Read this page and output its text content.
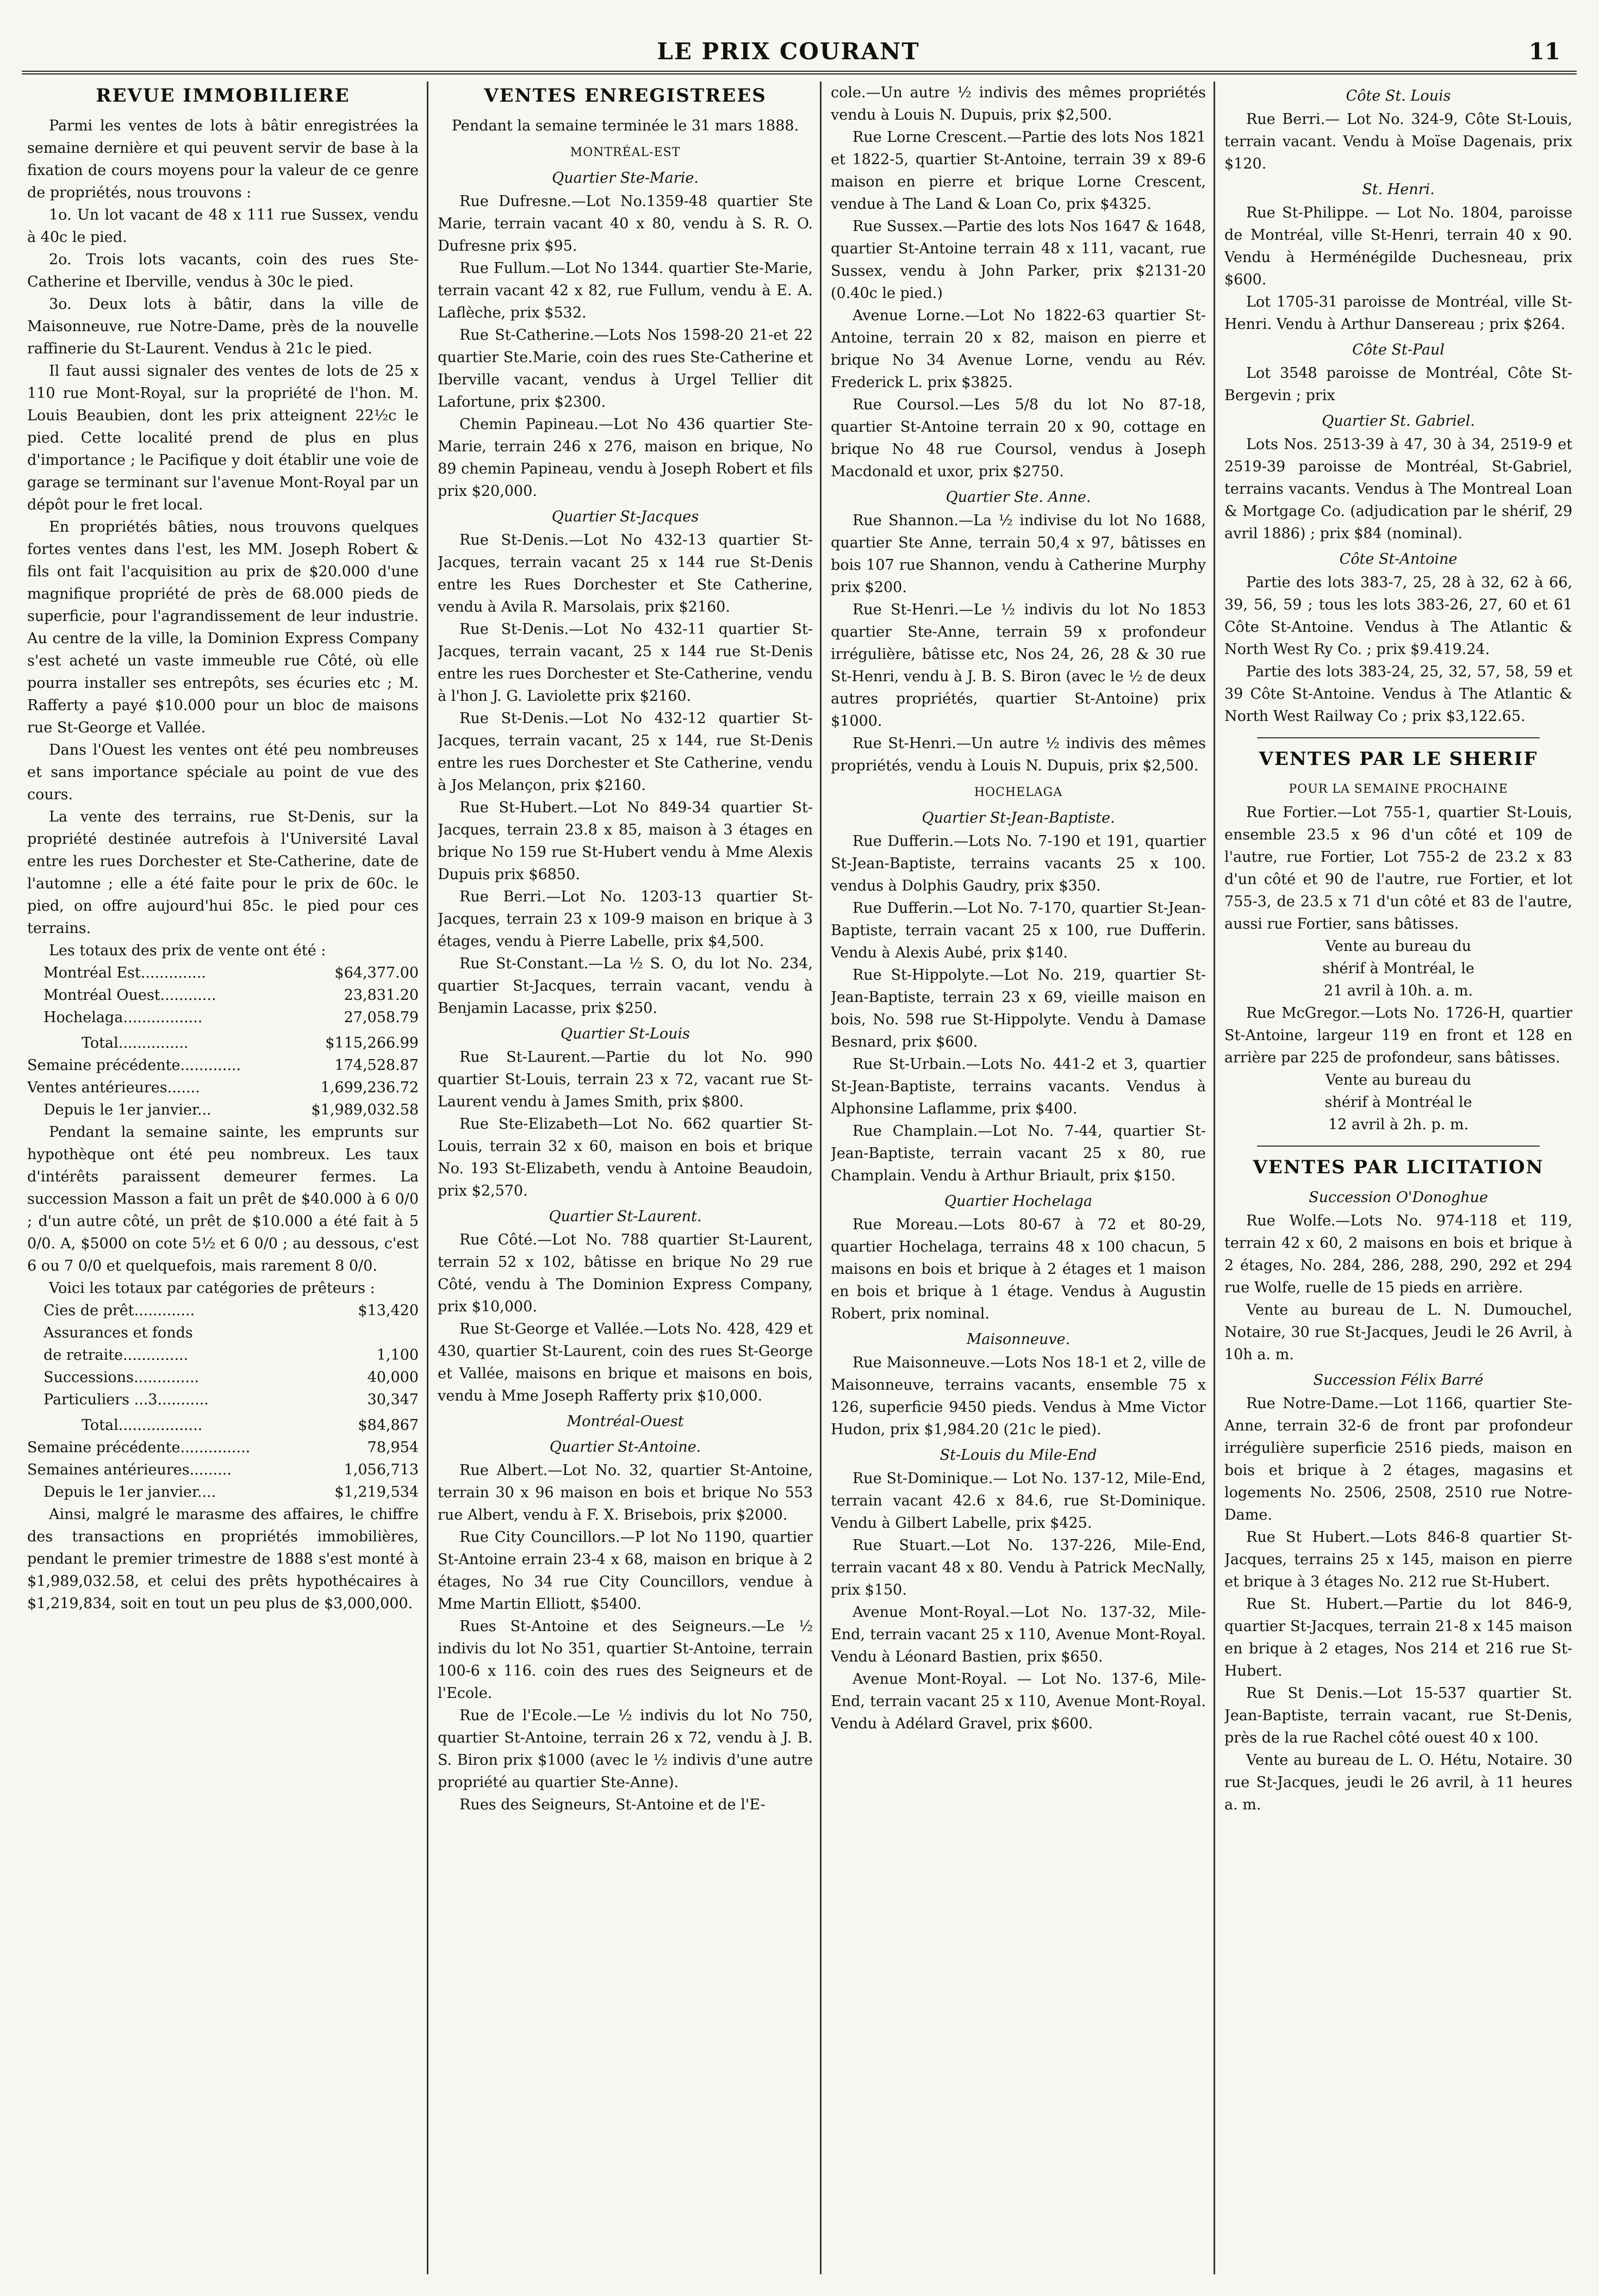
LE PRIX COURANT	11
REVUE IMMOBILIERE

Parmi les ventes de lots à bâtir enregistrées la semaine dernière et qui peuvent servir de base à la fixation de cours moyens pour la valeur de ce genre de propriétés, nous trouvons :

1o. Un lot vacant de 48 x 111 rue Sussex, vendu à 40c le pied.

2o. Trois lots vacants, coin des rues Ste-Catherine et Iberville, vendus à 30c le pied.

3o. Deux lots à bâtir, dans la ville de Maisonneuve, rue Notre-Dame, près de la nouvelle raffinerie du St-Laurent. Vendus à 21c le pied.

Il faut aussi signaler des ventes de lots de 25 x 110 rue Mont-Royal, sur la propriété de l'hon. M. Louis Beaubien, dont les prix atteignent 22½c le pied. Cette localité prend de plus en plus d'importance ; le Pacifique y doit établir une voie de garage se terminant sur l'avenue Mont-Royal par un dépôt pour le fret local.

En propriétés bâties, nous trouvons quelques fortes ventes dans l'est, les MM. Joseph Robert & fils ont fait l'acquisition au prix de $20.000 d'une magnifique propriété de près de 68.000 pieds de superficie, pour l'agrandissement de leur industrie. Au centre de la ville, la Dominion Express Company s'est acheté un vaste immeuble rue Côté, où elle pourra installer ses entrepôts, ses écuries etc ; M. Rafferty a payé $10.000 pour un bloc de maisons rue St-George et Vallée.

Dans l'Ouest les ventes ont été peu nombreuses et sans importance spéciale au point de vue des cours.

La vente des terrains, rue St-Denis, sur la propriété destinée autrefois à l'Université Laval entre les rues Dorchester et Ste-Catherine, date de l'automne ; elle a été faite pour le prix de 60c. le pied, on offre aujourd'hui 85c. le pied pour ces terrains.

Les totaux des prix de vente ont été :

Montréal Est..............	$64,377.00
Montréal Ouest............	23,831.20
Hochelaga.................	27,058.79
Total...............	$115,266.99
Semaine précédente.............	174,528.87
Ventes antérieures.......	1,699,236.72
Depuis le 1er janvier...	$1,989,032.58

Pendant la semaine sainte, les emprunts sur hypothèque ont été peu nombreux. Les taux d'intérêts paraissent demeurer fermes. La succession Masson a fait un prêt de $40.000 à 6 0/0 ; d'un autre côté, un prêt de $10.000 a été fait à 5 0/0. A, $5000 on cote 5½ et 6 0/0 ; au dessous, c'est 6 ou 7 0/0 et quelquefois, mais rarement 8 0/0.

Voici les totaux par catégories de prêteurs :

Cies de prêt.............	$13,420
Assurances et fonds	
de retraite..............	1,100
Successions..............	40,000
Particuliers ...3...........	30,347
Total..................	$84,867
Semaine précédente...............	78,954
Semaines antérieures.........	1,056,713
Depuis le 1er janvier....	$1,219,534

Ainsi, malgré le marasme des affaires, le chiffre des transactions en propriétés immobilières, pendant le premier trimestre de 1888 s'est monté à $1,989,032.58, et celui des prêts hypothécaires à $1,219,834, soit en tout un peu plus de $3,000,000.

VENTES ENREGISTREES

Pendant la semaine terminée le 31 mars 1888.

MONTRÉAL-EST
Quartier Ste-Marie.

Rue Dufresne.—Lot No.1359-48 quartier Ste Marie, terrain vacant 40 x 80, vendu à S. R. O. Dufresne prix $95.

Rue Fullum.—Lot No 1344. quartier Ste-Marie, terrain vacant 42 x 82, rue Fullum, vendu à E. A. Laflèche, prix $532.

Rue St-Catherine.—Lots Nos 1598-20 21-et 22 quartier Ste.Marie, coin des rues Ste-Catherine et Iberville vacant, vendus à Urgel Tellier dit Lafortune, prix $2300.

Chemin Papineau.—Lot No 436 quartier Ste-Marie, terrain 246 x 276, maison en brique, No 89 chemin Papineau, vendu à Joseph Robert et fils prix $20,000.

Quartier St-Jacques

Rue St-Denis.—Lot No 432-13 quartier St-Jacques, terrain vacant 25 x 144 rue St-Denis entre les Rues Dorchester et Ste Catherine, vendu à Avila R. Marsolais, prix $2160.

Rue St-Denis.—Lot No 432-11 quartier St-Jacques, terrain vacant, 25 x 144 rue St-Denis entre les rues Dorchester et Ste-Catherine, vendu à l'hon J. G. Laviolette prix $2160.

Rue St-Denis.—Lot No 432-12 quartier St-Jacques, terrain vacant, 25 x 144, rue St-Denis entre les rues Dorchester et Ste Catherine, vendu à Jos Melançon, prix $2160.

Rue St-Hubert.—Lot No 849-34 quartier St-Jacques, terrain 23.8 x 85, maison à 3 étages en brique No 159 rue St-Hubert vendu à Mme Alexis Dupuis prix $6850.

Rue Berri.—Lot No. 1203-13 quartier St-Jacques, terrain 23 x 109-9 maison en brique à 3 étages, vendu à Pierre Labelle, prix $4,500.

Rue St-Constant.—La ½ S. O, du lot No. 234, quartier St-Jacques, terrain vacant, vendu à Benjamin Lacasse, prix $250.

Quartier St-Louis

Rue St-Laurent.—Partie du lot No. 990 quartier St-Louis, terrain 23 x 72, vacant rue St-Laurent vendu à James Smith, prix $800.

Rue Ste-Elizabeth—Lot No. 662 quartier St-Louis, terrain 32 x 60, maison en bois et brique No. 193 St-Elizabeth, vendu à Antoine Beaudoin, prix $2,570.

Quartier St-Laurent.

Rue Côté.—Lot No. 788 quartier St-Laurent, terrain 52 x 102, bâtisse en brique No 29 rue Côté, vendu à The Dominion Express Company, prix $10,000.

Rue St-George et Vallée.—Lots No. 428, 429 et 430, quartier St-Laurent, coin des rues St-George et Vallée, maisons en brique et maisons en bois, vendu à Mme Joseph Rafferty prix $10,000.

Montréal-Ouest
Quartier St-Antoine.

Rue Albert.—Lot No. 32, quartier St-Antoine, terrain 30 x 96 maison en bois et brique No 553 rue Albert, vendu à F. X. Brisebois, prix $2000.

Rue City Councillors.—P lot No 1190, quartier St-Antoine errain 23-4 x 68, maison en brique à 2 étages, No 34 rue City Councillors, vendue à Mme Martin Elliott, $5400.

Rues St-Antoine et des Seigneurs.—Le ½ indivis du lot No 351, quartier St-Antoine, terrain 100-6 x 116. coin des rues des Seigneurs et de l'Ecole.

Rue de l'Ecole.—Le ½ indivis du lot No 750, quartier St-Antoine, terrain 26 x 72, vendu à J. B. S. Biron prix $1000 (avec le ½ indivis d'une autre propriété au quartier Ste-Anne).

Rues des Seigneurs, St-Antoine et de l'E-

cole.—Un autre ½ indivis des mêmes propriétés vendu à Louis N. Dupuis, prix $2,500.

Rue Lorne Crescent.—Partie des lots Nos 1821 et 1822-5, quartier St-Antoine, terrain 39 x 89-6 maison en pierre et brique Lorne Crescent, vendue à The Land & Loan Co, prix $4325.

Rue Sussex.—Partie des lots Nos 1647 & 1648, quartier St-Antoine terrain 48 x 111, vacant, rue Sussex, vendu à John Parker, prix $2131-20 (0.40c le pied.)

Avenue Lorne.—Lot No 1822-63 quartier St-Antoine, terrain 20 x 82, maison en pierre et brique No 34 Avenue Lorne, vendu au Rév. Frederick L. prix $3825.

Rue Coursol.—Les 5/8 du lot No 87-18, quartier St-Antoine terrain 20 x 90, cottage en brique No 48 rue Coursol, vendus à Joseph Macdonald et uxor, prix $2750.

Quartier Ste. Anne.

Rue Shannon.—La ½ indivise du lot No 1688, quartier Ste Anne, terrain 50,4 x 97, bâtisses en bois 107 rue Shannon, vendu à Catherine Murphy prix $200.

Rue St-Henri.—Le ½ indivis du lot No 1853 quartier Ste-Anne, terrain 59 x profondeur irrégulière, bâtisse etc, Nos 24, 26, 28 & 30 rue St-Henri, vendu à J. B. S. Biron (avec le ½ de deux autres propriétés, quartier St-Antoine) prix $1000.

Rue St-Henri.—Un autre ½ indivis des mêmes propriétés, vendu à Louis N. Dupuis, prix $2,500.

HOCHELAGA
Quartier St-Jean-Baptiste.

Rue Dufferin.—Lots No. 7-190 et 191, quartier St-Jean-Baptiste, terrains vacants 25 x 100. vendus à Dolphis Gaudry, prix $350.

Rue Dufferin.—Lot No. 7-170, quartier St-Jean-Baptiste, terrain vacant 25 x 100, rue Dufferin. Vendu à Alexis Aubé, prix $140.

Rue St-Hippolyte.—Lot No. 219, quartier St-Jean-Baptiste, terrain 23 x 69, vieille maison en bois, No. 598 rue St-Hippolyte. Vendu à Damase Besnard, prix $600.

Rue St-Urbain.—Lots No. 441-2 et 3, quartier St-Jean-Baptiste, terrains vacants. Vendus à Alphonsine Laflamme, prix $400.

Rue Champlain.—Lot No. 7-44, quartier St-Jean-Baptiste, terrain vacant 25 x 80, rue Champlain. Vendu à Arthur Briault, prix $150.

Quartier Hochelaga

Rue Moreau.—Lots 80-67 à 72 et 80-29, quartier Hochelaga, terrains 48 x 100 chacun, 5 maisons en bois et brique à 2 étages et 1 maison en bois et brique à 1 étage. Vendus à Augustin Robert, prix nominal.

Maisonneuve.

Rue Maisonneuve.—Lots Nos 18-1 et 2, ville de Maisonneuve, terrains vacants, ensemble 75 x 126, superficie 9450 pieds. Vendus à Mme Victor Hudon, prix $1,984.20 (21c le pied).

St-Louis du Mile-End

Rue St-Dominique.— Lot No. 137-12, Mile-End, terrain vacant 42.6 x 84.6, rue St-Dominique. Vendu à Gilbert Labelle, prix $425.

Rue Stuart.—Lot No. 137-226, Mile-End, terrain vacant 48 x 80. Vendu à Patrick MecNally, prix $150.

Avenue Mont-Royal.—Lot No. 137-32, Mile-End, terrain vacant 25 x 110, Avenue Mont-Royal. Vendu à Léonard Bastien, prix $650.

Avenue Mont-Royal. — Lot No. 137-6, Mile-End, terrain vacant 25 x 110, Avenue Mont-Royal. Vendu à Adélard Gravel, prix $600.

Côte St. Louis

Rue Berri.— Lot No. 324-9, Côte St-Louis, terrain vacant. Vendu à Moïse Dagenais, prix $120.

St. Henri.

Rue St-Philippe. — Lot No. 1804, paroisse de Montréal, ville St-Henri, terrain 40 x 90. Vendu à Herménégilde Duchesneau, prix $600.

Lot 1705-31 paroisse de Montréal, ville St-Henri. Vendu à Arthur Dansereau ; prix $264.

Côte St-Paul

Lot 3548 paroisse de Montréal, Côte St- Bergevin ; prix

Quartier St. Gabriel.

Lots Nos. 2513-39 à 47, 30 à 34, 2519-9 et 2519-39 paroisse de Montréal, St-Gabriel, terrains vacants. Vendus à The Montreal Loan & Mortgage Co. (adjudication par le shérif, 29 avril 1886) ; prix $84 (nominal).

Côte St-Antoine

Partie des lots 383-7, 25, 28 à 32, 62 à 66, 39, 56, 59 ; tous les lots 383-26, 27, 60 et 61 Côte St-Antoine. Vendus à The Atlantic & North West Ry Co. ; prix $9.419.24.

Partie des lots 383-24, 25, 32, 57, 58, 59 et 39 Côte St-Antoine. Vendus à The Atlantic & North West Railway Co ; prix $3,122.65.

VENTES PAR LE SHERIF
POUR LA SEMAINE PROCHAINE

Rue Fortier.—Lot 755-1, quartier St-Louis, ensemble 23.5 x 96 d'un côté et 109 de l'autre, rue Fortier, Lot 755-2 de 23.2 x 83 d'un côté et 90 de l'autre, rue Fortier, et lot 755-3, de 23.5 x 71 d'un côté et 83 de l'autre, aussi rue Fortier, sans bâtisses.

Vente au bureau du

shérif à Montréal, le

21 avril à 10h. a. m.

Rue McGregor.—Lots No. 1726-H, quartier St-Antoine, largeur 119 en front et 128 en arrière par 225 de profondeur, sans bâtisses.

Vente au bureau du

shérif à Montréal le

12 avril à 2h. p. m.

VENTES PAR LICITATION
Succession O'Donoghue

Rue Wolfe.—Lots No. 974-118 et 119, terrain 42 x 60, 2 maisons en bois et brique à 2 étages, No. 284, 286, 288, 290, 292 et 294 rue Wolfe, ruelle de 15 pieds en arrière.

Vente au bureau de L. N. Dumouchel, Notaire, 30 rue St-Jacques, Jeudi le 26 Avril, à 10h a. m.

Succession Félix Barré

Rue Notre-Dame.—Lot 1166, quartier Ste-Anne, terrain 32-6 de front par profondeur irrégulière superficie 2516 pieds, maison en bois et brique à 2 étages, magasins et logements No. 2506, 2508, 2510 rue Notre-Dame.

Rue St Hubert.—Lots 846-8 quartier St-Jacques, terrains 25 x 145, maison en pierre et brique à 3 étages No. 212 rue St-Hubert.

Rue St. Hubert.—Partie du lot 846-9, quartier St-Jacques, terrain 21-8 x 145 maison en brique à 2 etages, Nos 214 et 216 rue St-Hubert.

Rue St Denis.—Lot 15-537 quartier St. Jean-Baptiste, terrain vacant, rue St-Denis, près de la rue Rachel côté ouest 40 x 100.

Vente au bureau de L. O. Hétu, Notaire. 30 rue St-Jacques, jeudi le 26 avril, à 11 heures a. m.
